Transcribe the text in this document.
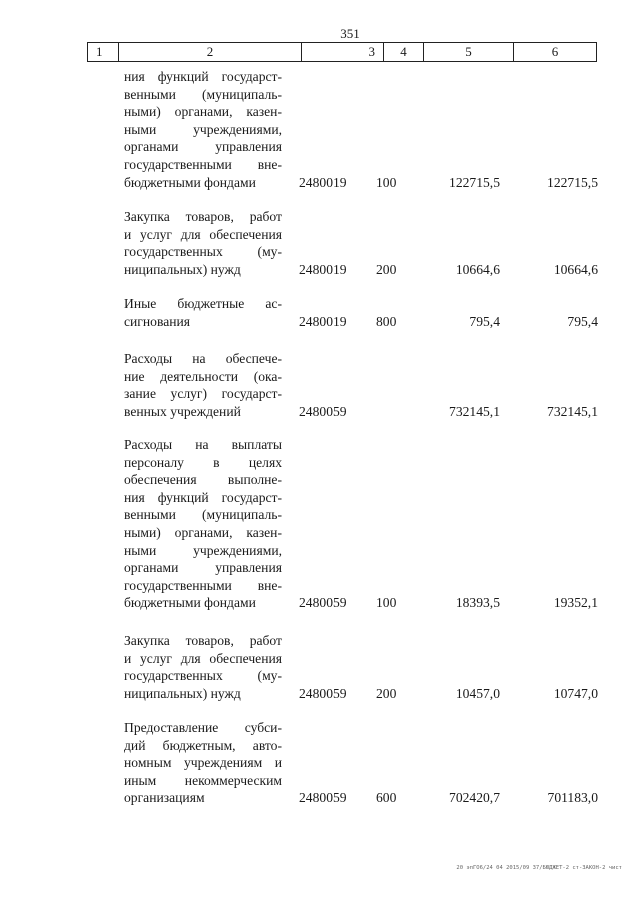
351
1	2	3	4	5	6
ния функций государст-
венными (муниципаль-
ными) органами, казен-
ными учреждениями,
органами управления
государственными вне-
бюджетными фондами	2480019 100	122715,5	122715,5
Закупка товаров, работ
и услуг для обеспечения
государственных (му-
ниципальных) нужд	2480019 200	10664,6	10664,6
Иные бюджетные ас-
сигнования	2480019 800	795,4	795,4
Расходы на обеспече-
ние деятельности (ока-
зание услуг) государст-
венных учреждений	2480059	732145,1	732145,1
Расходы на выплаты
персоналу в целях
обеспечения выполне-
ния функций государст-
венными (муниципаль-
ными) органами, казен-
ными учреждениями,
органами управления
государственными вне-
бюджетными фондами	2480059 100	18393,5	19352,1
Закупка товаров, работ
и услуг для обеспечения
государственных (му-
ниципальных) нужд	2480059 200	10457,0	10747,0
Предоставление субси-
дий бюджетным, авто-
номным учреждениям и
иным некоммерческим
организациям	2480059 600	702420,7	701183,0
20 эпГО6/24 04 2015/09 37/БЮДЖЕТ-2 ст-ЗАКОН-2 чист
